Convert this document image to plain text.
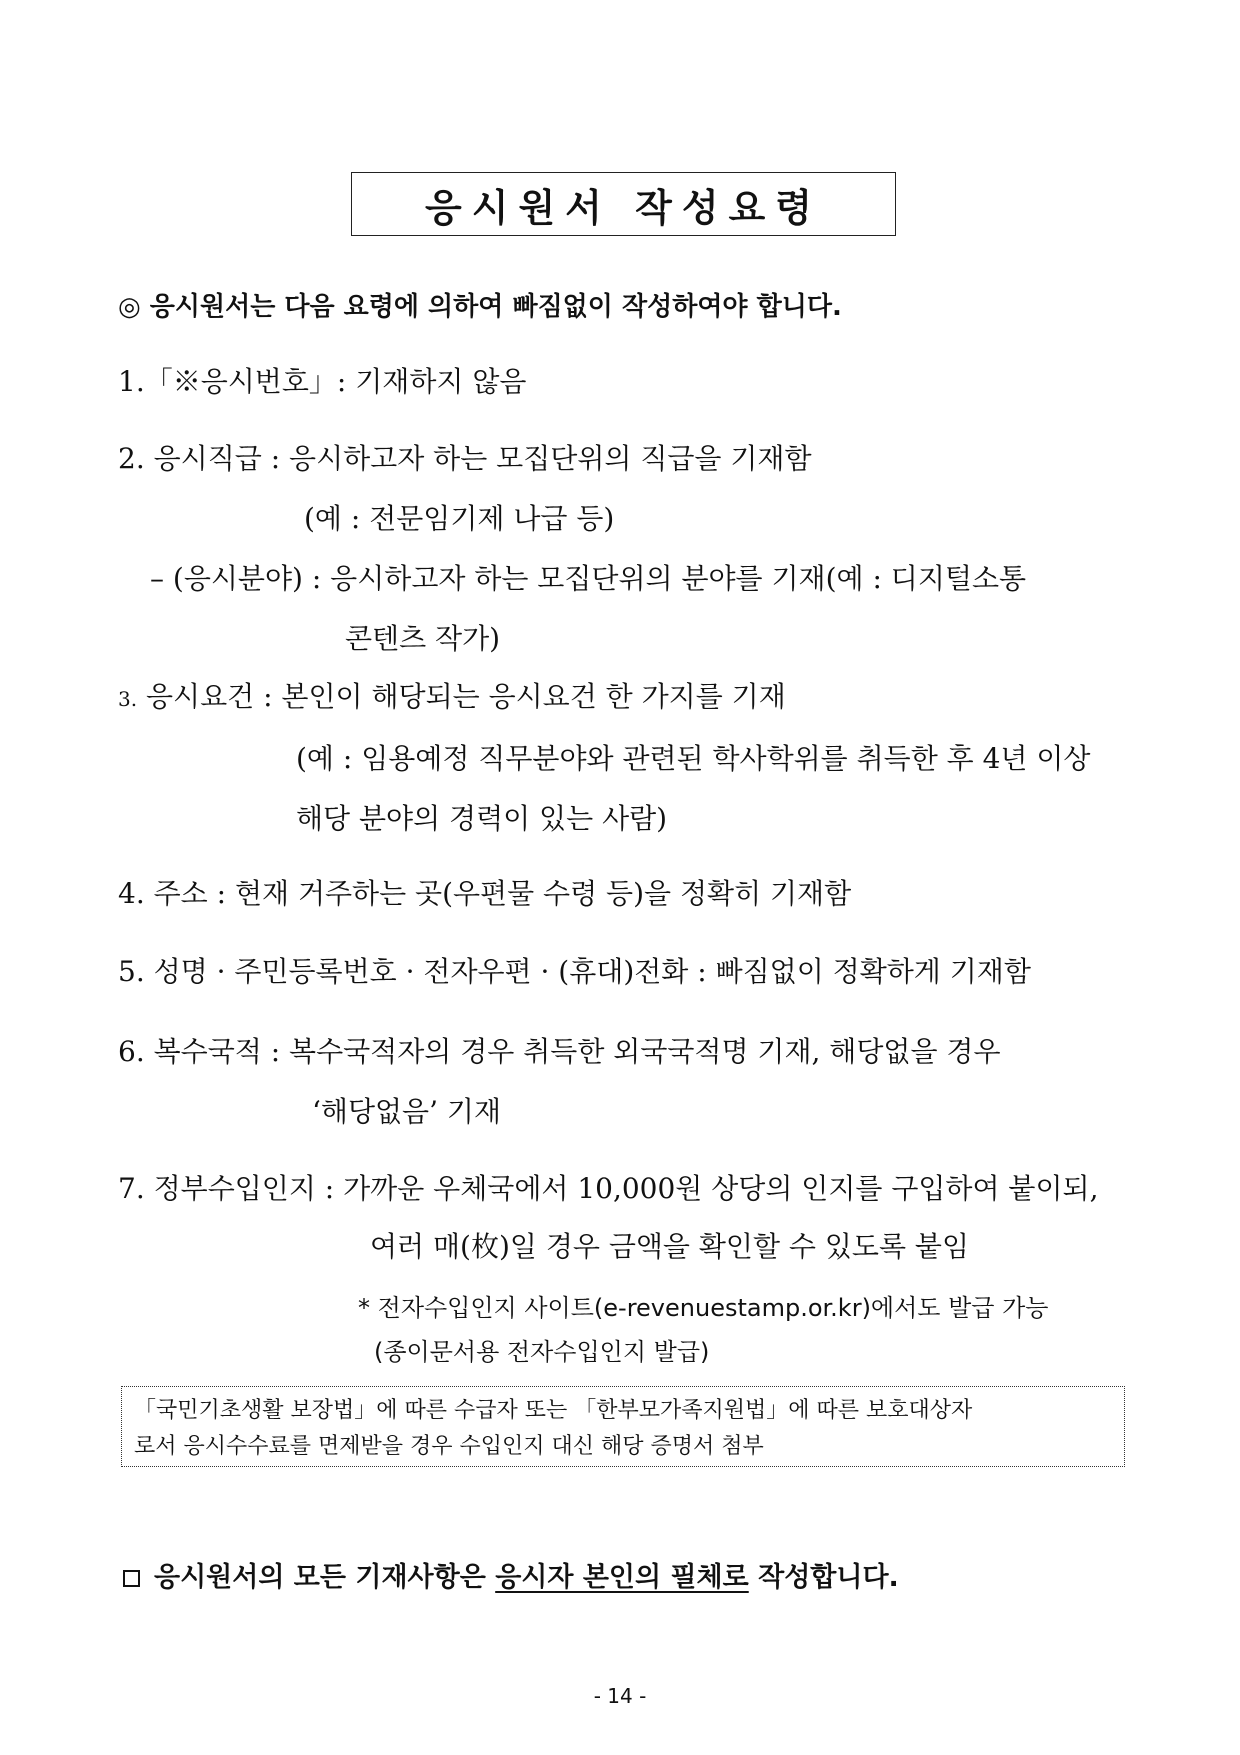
응시원서 작성요령
◎ 응시원서는 다음 요령에 의하여 빠짐없이 작성하여야 합니다.
1.「※응시번호」: 기재하지 않음
2. 응시직급 : 응시하고자 하는 모집단위의 직급을 기재함
(예 : 전문임기제 나급 등)
– (응시분야) : 응시하고자 하는 모집단위의 분야를 기재(예 : 디지털소통
콘텐츠 작가)
3. 응시요건 : 본인이 해당되는 응시요건 한 가지를 기재
(예 : 임용예정 직무분야와 관련된 학사학위를 취득한 후 4년 이상
해당 분야의 경력이 있는 사람)
4. 주소 : 현재 거주하는 곳(우편물 수령 등)을 정확히 기재함
5. 성명 · 주민등록번호 · 전자우편 · (휴대)전화 : 빠짐없이 정확하게 기재함
6. 복수국적 : 복수국적자의 경우 취득한 외국국적명 기재, 해당없을 경우
‘해당없음’ 기재
7. 정부수입인지 : 가까운 우체국에서 10,000원 상당의 인지를 구입하여 붙이되,
여러 매(枚)일 경우 금액을 확인할 수 있도록 붙임
* 전자수입인지 사이트(e-revenuestamp.or.kr)에서도 발급 가능
(종이문서용 전자수입인지 발급)
「국민기초생활 보장법」에 따른 수급자 또는 「한부모가족지원법」에 따른 보호대상자
로서 응시수수료를 면제받을 경우 수입인지 대신 해당 증명서 첨부
응시원서의 모든 기재사항은 응시자 본인의 필체로 작성합니다.
- 14 -
